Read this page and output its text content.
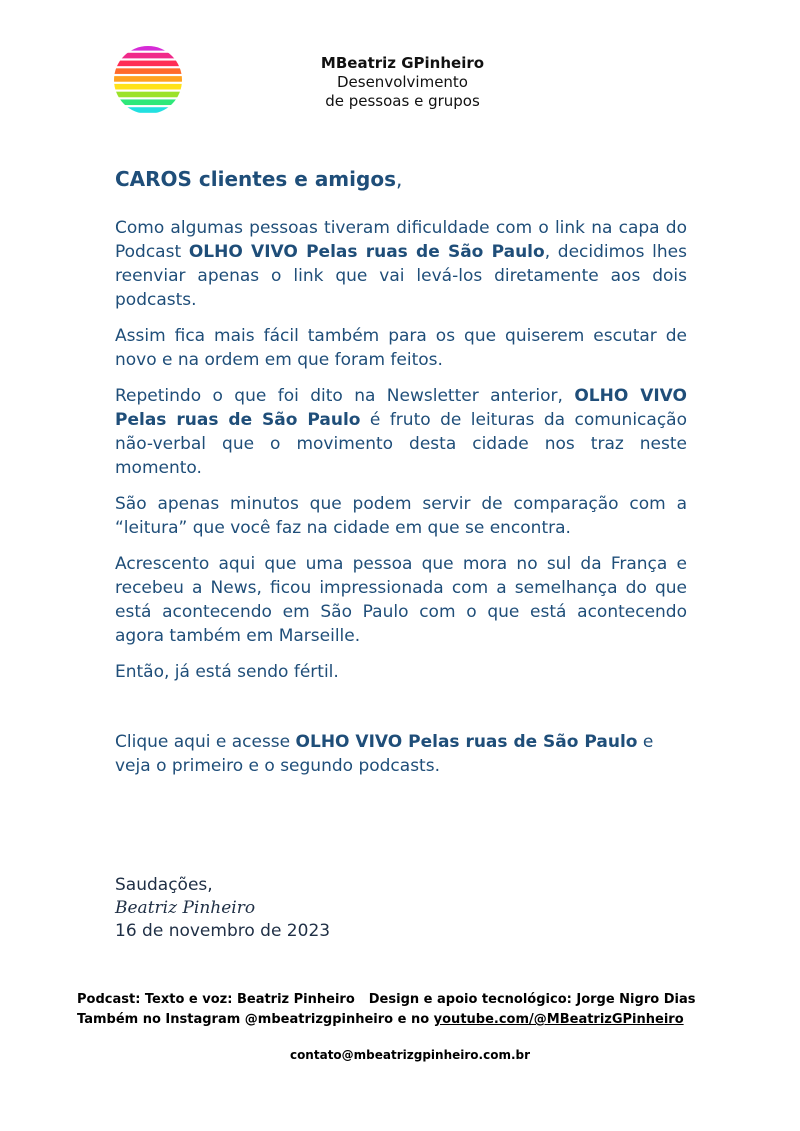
MBeatriz GPinheiro
Desenvolvimento
de pessoas e grupos
CAROS clientes e amigos,

Como algumas pessoas tiveram dificuldade com o link na capa do Podcast OLHO VIVO Pelas ruas de São Paulo, decidimos lhes reenviar apenas o link que vai levá-los diretamente aos dois podcasts.

Assim fica mais fácil também para os que quiserem escutar de novo e na ordem em que foram feitos.

Repetindo o que foi dito na Newsletter anterior, OLHO VIVO Pelas ruas de São Paulo é fruto de leituras da comunicação não-verbal que o movimento desta cidade nos traz neste momento.

São apenas minutos que podem servir de comparação com a “leitura” que você faz na cidade em que se encontra.

Acrescento aqui que uma pessoa que mora no sul da França e recebeu a News, ficou impressionada com a semelhança do que está acontecendo em São Paulo com o que está acontecendo agora também em Marseille.

Então, já está sendo fértil.

Clique aqui e acesse OLHO VIVO Pelas ruas de São Paulo e veja o primeiro e o segundo podcasts.

Saudações,
Beatriz Pinheiro
16 de novembro de 2023
Podcast: Texto e voz: Beatriz Pinheiro Design e apoio tecnológico: Jorge Nigro Dias
Também no Instagram @mbeatrizgpinheiro e no youtube.com/@MBeatrizGPinheiro
contato@mbeatrizgpinheiro.com.br
